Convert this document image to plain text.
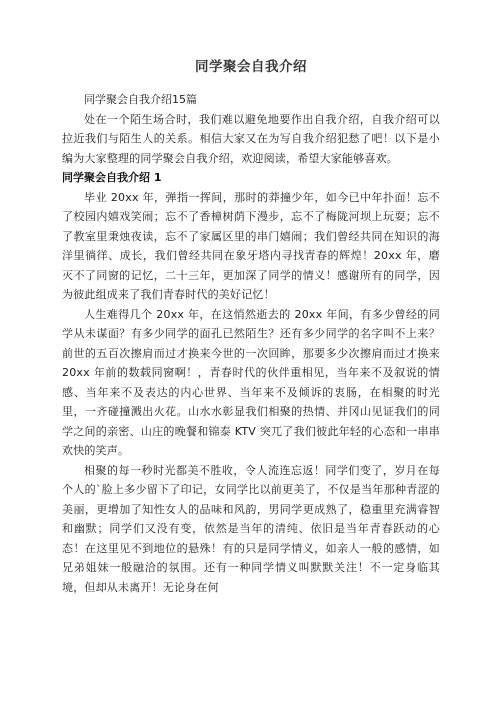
同学聚会自我介绍
同学聚会自我介绍15篇

处在一个陌生场合时，我们难以避免地要作出自我介绍，自我介绍可以拉近我们与陌生人的关系。相信大家又在为写自我介绍犯愁了吧！以下是小编为大家整理的同学聚会自我介绍，欢迎阅读，希望大家能够喜欢。

同学聚会自我介绍 1

毕业 20xx 年，弹指一挥间，那时的莽撞少年，如今已中年扑面！忘不了校园内嬉戏笑闹；忘不了香樟树荫下漫步，忘不了梅陇河坝上玩耍；忘不了教室里秉烛夜读，忘不了家属区里的串门嬉闹；我们曾经共同在知识的海洋里徜徉、成长，我们曾经共同在象牙塔内寻找青春的辉煌！20xx 年，磨灭不了同窗的记忆，二十三年，更加深了同学的情义！感谢所有的同学，因为彼此组成来了我们青春时代的美好记忆！

人生难得几个 20xx 年，在这悄然逝去的 20xx 年间，有多少曾经的同学从未谋面？有多少同学的面孔已然陌生？还有多少同学的名字叫不上来？前世的五百次擦肩而过才换来今世的一次回眸，那要多少次擦肩而过才换来 20xx 年前的数载同窗啊！，青春时代的伙伴重相见，当年来不及叙说的情感、当年来不及表达的内心世界、当年来不及倾诉的衷肠，在相聚的时光里，一齐碰撞溅出火花。山水水彰显我们相聚的热情、并冈山见证我们的同学之间的亲密、山庄的晚餐和锦泰 KTV 突兀了我们彼此年轻的心态和一串串欢快的笑声。

相聚的每一秒时光都美不胜收，令人流连忘返！同学们变了，岁月在每个人的`脸上多少留下了印记，女同学比以前更美了，不仅是当年那种青涩的美丽，更增加了知性女人的品味和风韵，男同学更成熟了，稳重里充满睿智和幽默；同学们又没有变，依然是当年的清纯、依旧是当年青春跃动的心态！在这里见不到地位的悬殊！有的只是同学情义，如亲人一般的感情，如兄弟姐妹一般融洽的氛围。还有一种同学情义叫默默关注！不一定身临其境，但却从未离开！无论身在何
